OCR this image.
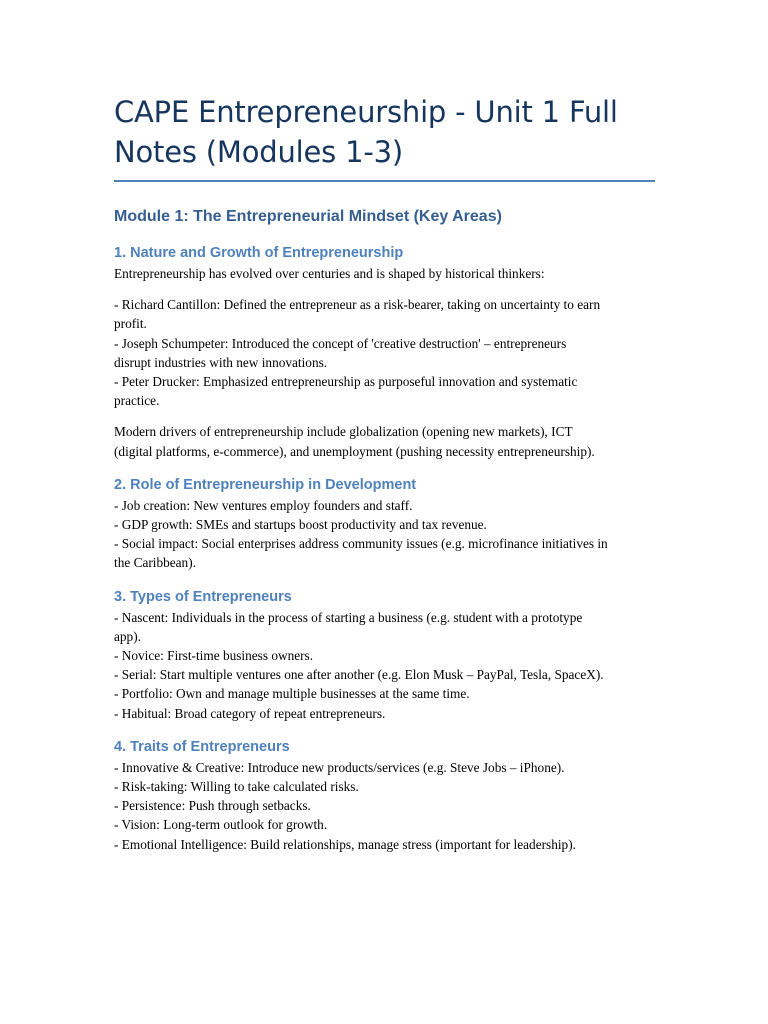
CAPE Entrepreneurship - Unit 1 Full
Notes (Modules 1-3)
Module 1: The Entrepreneurial Mindset (Key Areas)
1. Nature and Growth of Entrepreneurship

Entrepreneurship has evolved over centuries and is shaped by historical thinkers:

- Richard Cantillon: Defined the entrepreneur as a risk-bearer, taking on uncertainty to earn
profit.
- Joseph Schumpeter: Introduced the concept of 'creative destruction' – entrepreneurs
disrupt industries with new innovations.
- Peter Drucker: Emphasized entrepreneurship as purposeful innovation and systematic
practice.

Modern drivers of entrepreneurship include globalization (opening new markets), ICT
(digital platforms, e-commerce), and unemployment (pushing necessity entrepreneurship).

2. Role of Entrepreneurship in Development

- Job creation: New ventures employ founders and staff.
- GDP growth: SMEs and startups boost productivity and tax revenue.
- Social impact: Social enterprises address community issues (e.g. microfinance initiatives in
the Caribbean).

3. Types of Entrepreneurs

- Nascent: Individuals in the process of starting a business (e.g. student with a prototype
app).
- Novice: First-time business owners.
- Serial: Start multiple ventures one after another (e.g. Elon Musk – PayPal, Tesla, SpaceX).
- Portfolio: Own and manage multiple businesses at the same time.
- Habitual: Broad category of repeat entrepreneurs.

4. Traits of Entrepreneurs

- Innovative & Creative: Introduce new products/services (e.g. Steve Jobs – iPhone).
- Risk-taking: Willing to take calculated risks.
- Persistence: Push through setbacks.
- Vision: Long-term outlook for growth.
- Emotional Intelligence: Build relationships, manage stress (important for leadership).
